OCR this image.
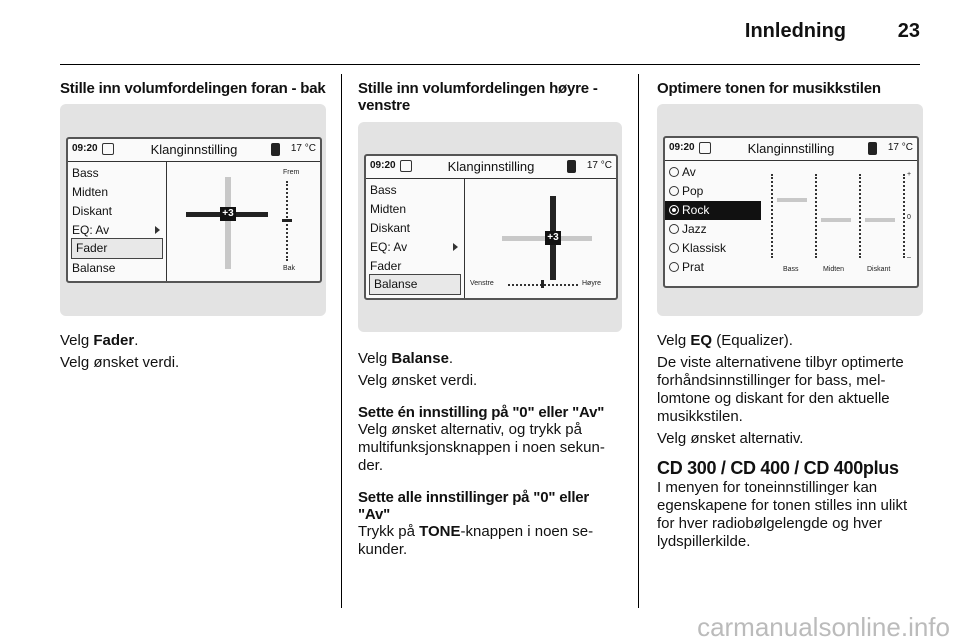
Innledning	23

Stille inn volumfordelingen foran - bak

09:20	Klanginnstilling	17 °C
Bass
Midten
Diskant
EQ: Av
Fader
Balanse
+3
Frem
Bak

Velg Fader.

Velg ønsket verdi.

Stille inn volumfordelingen høyre - venstre

09:20	Klanginnstilling	17 °C
Bass
Midten
Diskant
EQ: Av
Fader
Balanse
+3
Venstre	Høyre

Velg Balanse.

Velg ønsket verdi.

Sette én innstilling på "0" eller "Av"

Velg ønsket alternativ, og trykk på multifunksjonsknappen i noen sekun-der.

Sette alle innstillinger på "0" eller "Av"

Trykk på TONE-knappen i noen se-kunder.

Optimere tonen for musikkstilen

09:20	Klanginnstilling	17 °C
Av
Pop
Rock
Jazz
Klassisk
Prat
+
0
–
Bass	Midten	Diskant

Velg EQ (Equalizer).

De viste alternativene tilbyr optimerte forhåndsinnstillinger for bass, mel-lomtone og diskant for den aktuelle musikkstilen.

Velg ønsket alternativ.

CD 300 / CD 400 / CD 400plus

I menyen for toneinnstillinger kan egenskapene for tonen stilles inn ulikt for hver radiobølgelengde og hver lydspillerkilde.

carmanualsonline.info
